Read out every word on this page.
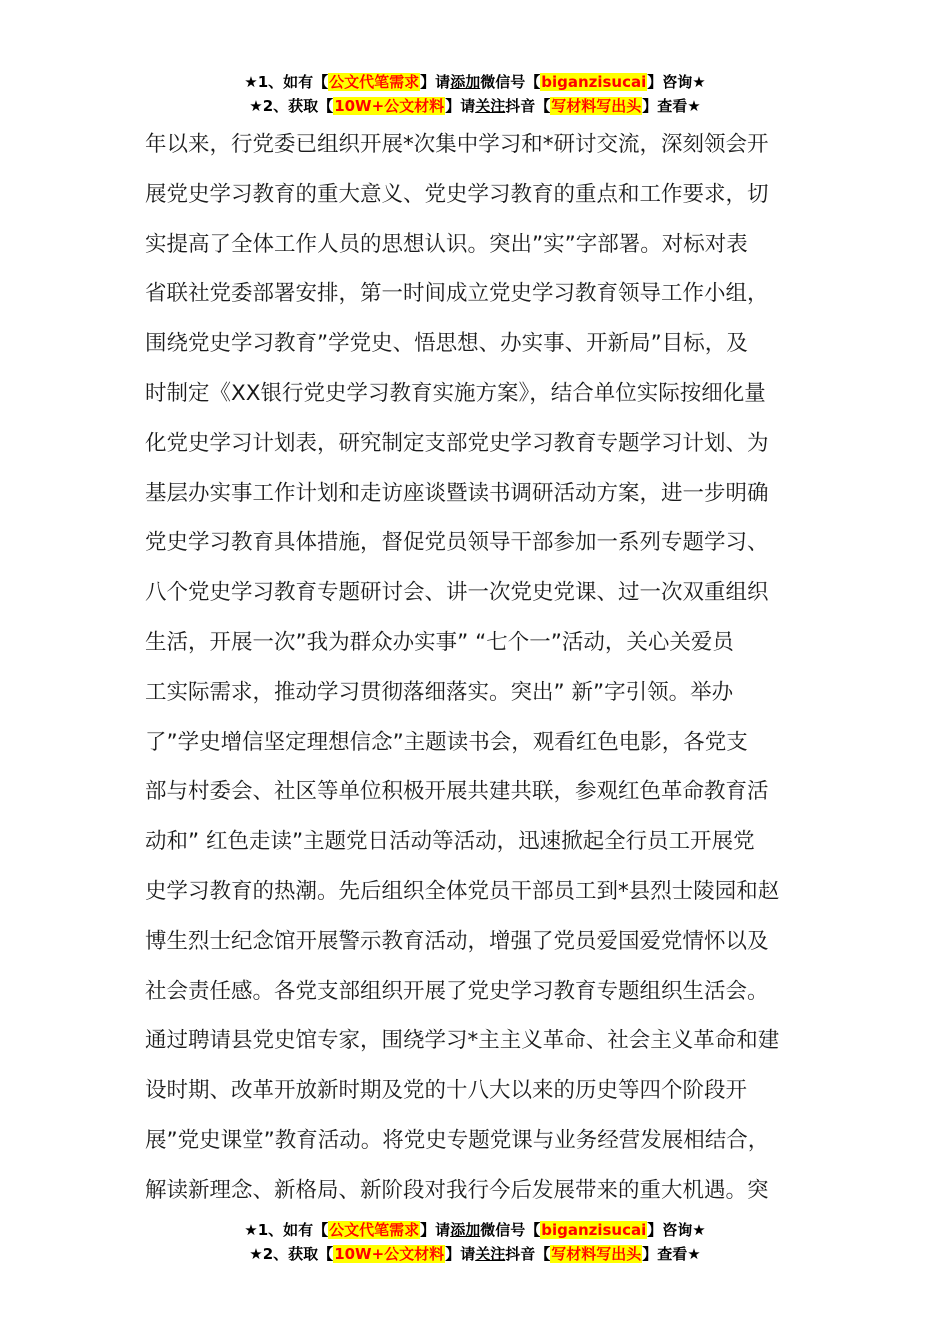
★1、如有【公文代笔需求】请添加微信号【biganzisucai】咨询★
★2、获取【10W+公文材料】请关注抖音【写材料写出头】查看★
年以来，行党委已组织开展*次集中学习和*研讨交流，深刻领会开
展党史学习教育的重大意义、党史学习教育的重点和工作要求，切
实提高了全体工作人员的思想认识。突出”实”字部署。对标对表
省联社党委部署安排，第一时间成立党史学习教育领导工作小组，
围绕党史学习教育”学党史、悟思想、办实事、开新局”目标，及
时制定《XX银行党史学习教育实施方案》，结合单位实际按细化量
化党史学习计划表，研究制定支部党史学习教育专题学习计划、为
基层办实事工作计划和走访座谈暨读书调研活动方案，进一步明确
党史学习教育具体措施，督促党员领导干部参加一系列专题学习、
八个党史学习教育专题研讨会、讲一次党史党课、过一次双重组织
生活，开展一次”我为群众办实事” “七个一”活动，关心关爱员
工实际需求，推动学习贯彻落细落实。突出” 新”字引领。举办
了”学史增信坚定理想信念”主题读书会，观看红色电影，各党支
部与村委会、社区等单位积极开展共建共联，参观红色革命教育活
动和” 红色走读”主题党日活动等活动，迅速掀起全行员工开展党
史学习教育的热潮。先后组织全体党员干部员工到*县烈士陵园和赵
博生烈士纪念馆开展警示教育活动，增强了党员爱国爱党情怀以及
社会责任感。各党支部组织开展了党史学习教育专题组织生活会。
通过聘请县党史馆专家，围绕学习*主主义革命、社会主义革命和建
设时期、改革开放新时期及党的十八大以来的历史等四个阶段开
展”党史课堂”教育活动。将党史专题党课与业务经营发展相结合，
解读新理念、新格局、新阶段对我行今后发展带来的重大机遇。突
★1、如有【公文代笔需求】请添加微信号【biganzisucai】咨询★
★2、获取【10W+公文材料】请关注抖音【写材料写出头】查看★
